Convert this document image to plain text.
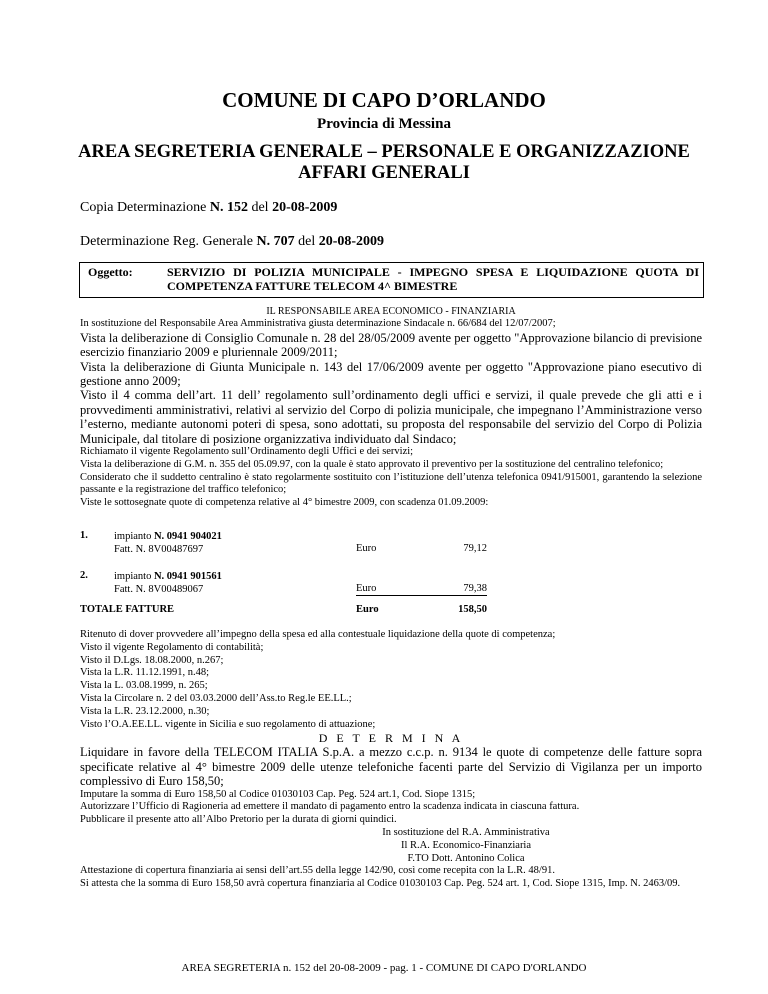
COMUNE DI CAPO D’ORLANDO
Provincia di Messina
AREA SEGRETERIA GENERALE – PERSONALE E ORGANIZZAZIONE
AFFARI GENERALI
Copia Determinazione N. 152 del 20-08-2009
Determinazione Reg. Generale N. 707 del 20-08-2009
Oggetto:	SERVIZIO DI POLIZIA MUNICIPALE - IMPEGNO SPESA E LIQUIDAZIONE QUOTA DI COMPETENZA FATTURE TELECOM 4^ BIMESTRE

IL RESPONSABILE AREA ECONOMICO - FINANZIARIA

In sostituzione del Responsabile Area Amministrativa giusta determinazione Sindacale n. 66/684 del 12/07/2007;

Vista la deliberazione di Consiglio Comunale n. 28 del 28/05/2009 avente per oggetto "Approvazione bilancio di previsione esercizio finanziario 2009 e pluriennale 2009/2011;

Vista la deliberazione di Giunta Municipale n. 143 del 17/06/2009 avente per oggetto "Approvazione piano esecutivo di gestione anno 2009;

Visto il 4 comma dell’art. 11 dell’ regolamento sull’ordinamento degli uffici e servizi, il quale prevede che gli atti e i provvedimenti amministrativi, relativi al servizio del Corpo di polizia municipale, che impegnano l’Amministrazione verso l’esterno, mediante autonomi poteri di spesa, sono adottati, su proposta del responsabile del servizio del Corpo di Polizia Municipale, dal titolare di posizione organizzativa individuato dal Sindaco;

Richiamato il vigente Regolamento sull’Ordinamento degli Uffici e dei servizi;

Vista la deliberazione di G.M. n. 355 del 05.09.97, con la quale è stato approvato il preventivo per la sostituzione del centralino telefonico;

Considerato che il suddetto centralino è stato regolarmente sostituito con l’istituzione dell’utenza telefonica 0941/915001, garantendo la selezione passante e la registrazione del traffico telefonico;

Viste le sottosegnate quote di competenza relative al 4° bimestre 2009, con scadenza 01.09.2009:

1. impianto N. 0941 904021
Fatt. N. 8V00487697	Euro	79,12
2. impianto N. 0941 901561
Fatt. N. 8V00489067	Euro	79,38
TOTALE FATTURE	Euro	158,50

Ritenuto di dover provvedere all’impegno della spesa ed alla contestuale liquidazione della quote di competenza;

Visto il vigente Regolamento di contabilità;

Visto il D.Lgs. 18.08.2000, n.267;

Vista la L.R. 11.12.1991, n.48;

Vista la L. 03.08.1999, n. 265;

Vista la Circolare n. 2 del 03.03.2000 dell’Ass.to Reg.le EE.LL.;

Vista la L.R. 23.12.2000, n.30;

Visto l’O.A.EE.LL. vigente in Sicilia e suo regolamento di attuazione;

D E T E R M I N A

Liquidare in favore della TELECOM ITALIA S.p.A. a mezzo c.c.p. n. 9134 le quote di competenze delle fatture sopra specificate relative al 4° bimestre 2009 delle utenze telefoniche facenti parte del Servizio di Vigilanza per un importo complessivo di Euro 158,50;

Imputare la somma di Euro 158,50 al Codice 01030103 Cap. Peg. 524 art.1, Cod. Siope 1315;

Autorizzare l’Ufficio di Ragioneria ad emettere il mandato di pagamento entro la scadenza indicata in ciascuna fattura.

Pubblicare il presente atto all’Albo Pretorio per la durata di giorni quindici.

In sostituzione del R.A. Amministrativa

Il R.A. Economico-Finanziaria

F.TO Dott. Antonino Colica

Attestazione di copertura finanziaria ai sensi dell’art.55 della legge 142/90, così come recepita con la L.R. 48/91.

Si attesta che la somma di Euro 158,50 avrà copertura finanziaria al Codice 01030103 Cap. Peg. 524 art. 1, Cod. Siope 1315, Imp. N. 2463/09.

AREA SEGRETERIA n. 152 del 20-08-2009 - pag. 1 - COMUNE DI CAPO D'ORLANDO
